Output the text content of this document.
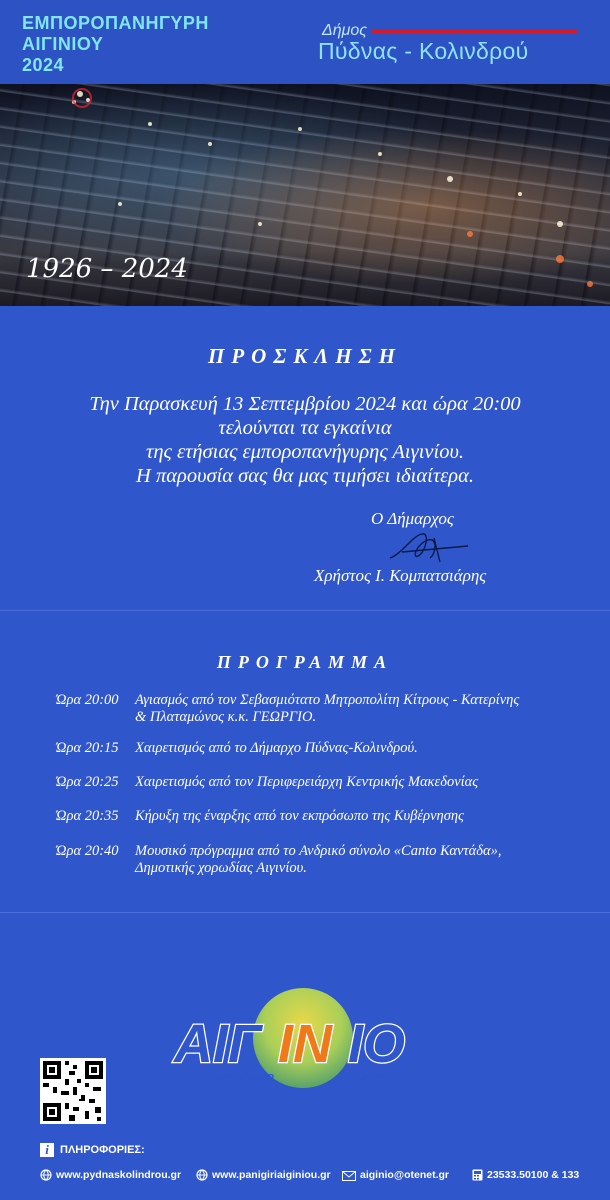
ΕΜΠΟΡΟΠΑΝΗΓΥΡΗ
ΑΙΓΙΝΙΟΥ
2024
Δήμος
Πύδνας - Κολινδρού
1926 – 2024
ΠΡΟΣΚΛΗΣΗ
Την Παρασκευή 13 Σεπτεμβρίου 2024 και ώρα 20:00
τελούνται τα εγκαίνια
της ετήσιας εμποροπανήγυρης Αιγινίου.
Η παρουσία σας θα μας τιμήσει ιδιαίτερα.
Ο Δήμαρχος
Χρήστος Ι. Κομπατσιάρης
ΠΡΟΓΡΑΜΜΑ
Ώρα 20:00 Αγιασμός από τον Σεβασμιότατο Μητροπολίτη Κίτρους - Κατερίνης
& Πλαταμώνος κ.κ. ΓΕΩΡΓΙΟ.
Ώρα 20:15 Χαιρετισμός από το Δήμαρχο Πύδνας-Κολινδρού.
Ώρα 20:25 Χαιρετισμός από τον Περιφερειάρχη Κεντρικής Μακεδονίας
Ώρα 20:35 Κήρυξη της έναρξης από τον εκπρόσωπο της Κυβέρνησης
Ώρα 20:40 Μουσικό πρόγραμμα από το Ανδρικό σύνολο «Canto Καντάδα»,
Δημοτικής χορωδίας Αιγινίου.
ΑΙΓ ΙΝ ΙΟ
SEPTEMBER	2024
i	ΠΛΗΡΟΦΟΡΙΕΣ:
www.pydnaskolindrou.gr	www.panigiriaiginiou.gr	aiginio@otenet.gr	23533.50100 & 133
